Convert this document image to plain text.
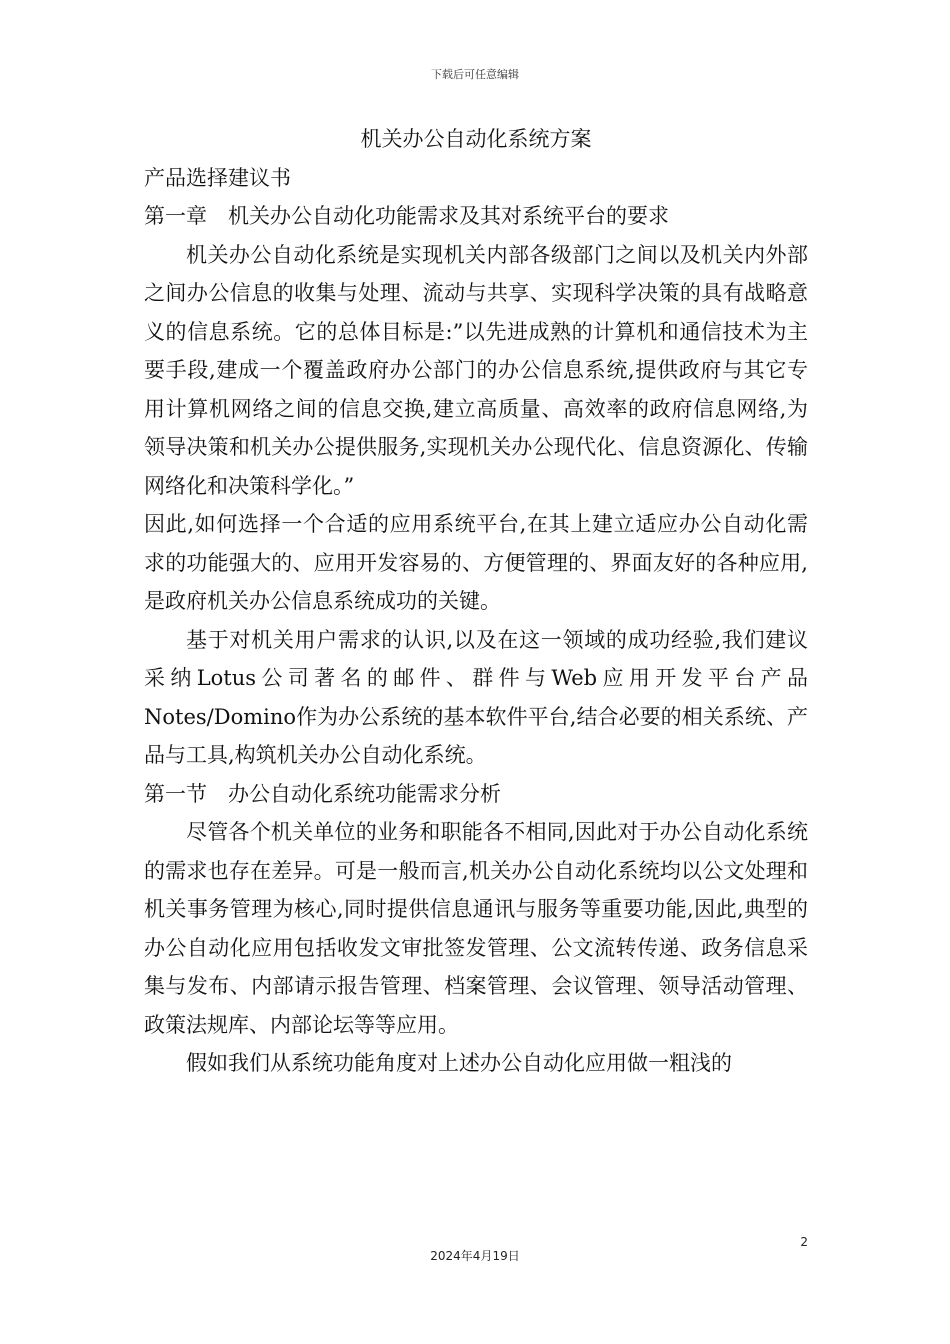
下载后可任意编辑

机关办公自动化系统方案

产品选择建议书

第一章　机关办公自动化功能需求及其对系统平台的要求

机关办公自动化系统是实现机关内部各级部门之间以及机关内外部之间办公信息的收集与处理、流动与共享、实现科学决策的具有战略意义的信息系统。它的总体目标是:”以先进成熟的计算机和通信技术为主要手段,建成一个覆盖政府办公部门的办公信息系统,提供政府与其它专用计算机网络之间的信息交换,建立高质量、高效率的政府信息网络,为领导决策和机关办公提供服务,实现机关办公现代化、信息资源化、传输网络化和决策科学化。”

因此,如何选择一个合适的应用系统平台,在其上建立适应办公自动化需求的功能强大的、应用开发容易的、方便管理的、界面友好的各种应用,是政府机关办公信息系统成功的关键。

基于对机关用户需求的认识,以及在这一领域的成功经验,我们建议采纳Lotus公司著名的邮件、群件与Web应用开发平台产品Notes/Domino作为办公系统的基本软件平台,结合必要的相关系统、产品与工具,构筑机关办公自动化系统。

第一节　办公自动化系统功能需求分析

尽管各个机关单位的业务和职能各不相同,因此对于办公自动化系统的需求也存在差异。可是一般而言,机关办公自动化系统均以公文处理和机关事务管理为核心,同时提供信息通讯与服务等重要功能,因此,典型的办公自动化应用包括收发文审批签发管理、公文流转传递、政务信息采集与发布、内部请示报告管理、档案管理、会议管理、领导活动管理、政策法规库、内部论坛等等应用。

假如我们从系统功能角度对上述办公自动化应用做一粗浅的

2
2024年4月19日
